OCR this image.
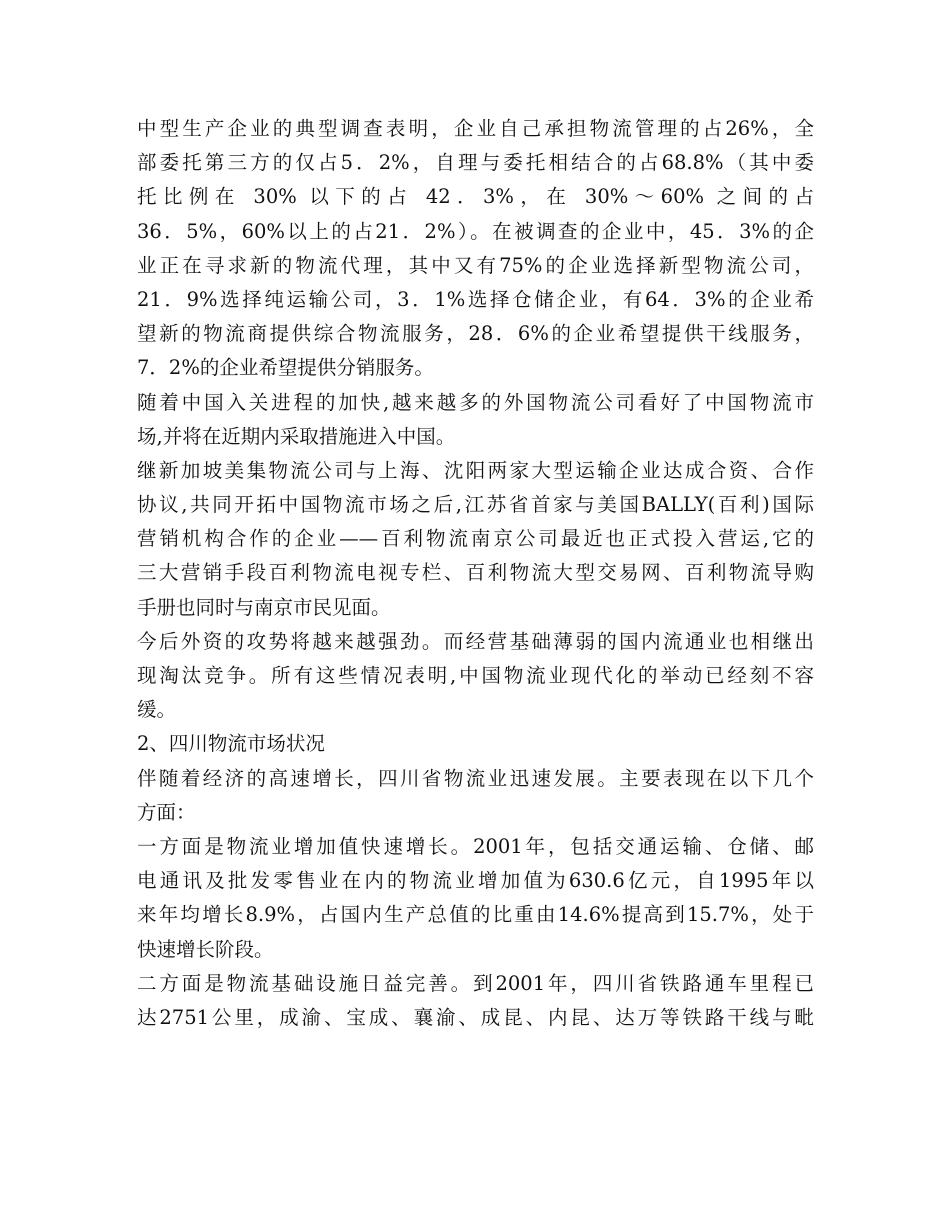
中型生产企业的典型调查表明，企业自己承担物流管理的占26%，全
部委托第三方的仅占5．2%，自理与委托相结合的占68.8%（其中委
托比例在 30% 以下的占 42．3%，在 30%～60% 之间的占
36．5%，60%以上的占21．2%）。在被调查的企业中，45．3%的企
业正在寻求新的物流代理，其中又有75%的企业选择新型物流公司，
21．9%选择纯运输公司，3．1%选择仓储企业，有64．3%的企业希
望新的物流商提供综合物流服务，28．6%的企业希望提供干线服务，
7．2%的企业希望提供分销服务。
随着中国入关进程的加快,越来越多的外国物流公司看好了中国物流市
场,并将在近期内采取措施进入中国。
继新加坡美集物流公司与上海、沈阳两家大型运输企业达成合资、合作
协议,共同开拓中国物流市场之后,江苏省首家与美国BALLY(百利)国际
营销机构合作的企业——百利物流南京公司最近也正式投入营运,它的
三大营销手段百利物流电视专栏、百利物流大型交易网、百利物流导购
手册也同时与南京市民见面。
今后外资的攻势将越来越强劲。而经营基础薄弱的国内流通业也相继出
现淘汰竞争。所有这些情况表明,中国物流业现代化的举动已经刻不容
缓。
2、四川物流市场状况
伴随着经济的高速增长，四川省物流业迅速发展。主要表现在以下几个
方面：
一方面是物流业增加值快速增长。2001年，包括交通运输、仓储、邮
电通讯及批发零售业在内的物流业增加值为630.6亿元，自1995年以
来年均增长8.9%，占国内生产总值的比重由14.6%提高到15.7%，处于
快速增长阶段。
二方面是物流基础设施日益完善。到2001年，四川省铁路通车里程已
达2751公里，成渝、宝成、襄渝、成昆、内昆、达万等铁路干线与毗
